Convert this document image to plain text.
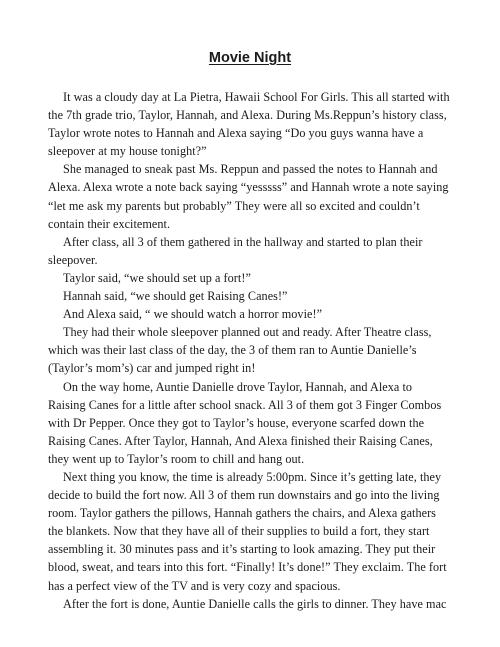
Movie Night

It was a cloudy day at La Pietra, Hawaii School For Girls. This all started with the 7th grade trio, Taylor, Hannah, and Alexa. During Ms.Reppun’s history class, Taylor wrote notes to Hannah and Alexa saying “Do you guys wanna have a sleepover at my house tonight?”

She managed to sneak past Ms. Reppun and passed the notes to Hannah and Alexa. Alexa wrote a note back saying “yesssss” and Hannah wrote a note saying “let me ask my parents but probably” They were all so excited and couldn’t contain their excitement.

After class, all 3 of them gathered in the hallway and started to plan their sleepover.

Taylor said, “we should set up a fort!”

Hannah said, “we should get Raising Canes!”

And Alexa said, “ we should watch a horror movie!”

They had their whole sleepover planned out and ready. After Theatre class, which was their last class of the day, the 3 of them ran to Auntie Danielle’s (Taylor’s mom’s) car and jumped right in!

On the way home, Auntie Danielle drove Taylor, Hannah, and Alexa to Raising Canes for a little after school snack. All 3 of them got 3 Finger Combos with Dr Pepper. Once they got to Taylor’s house, everyone scarfed down the Raising Canes. After Taylor, Hannah, And Alexa finished their Raising Canes, they went up to Taylor’s room to chill and hang out.

Next thing you know, the time is already 5:00pm. Since it’s getting late, they decide to build the fort now. All 3 of them run downstairs and go into the living room. Taylor gathers the pillows, Hannah gathers the chairs, and Alexa gathers the blankets. Now that they have all of their supplies to build a fort, they start assembling it. 30 minutes pass and it’s starting to look amazing. They put their blood, sweat, and tears into this fort. “Finally! It’s done!” They exclaim. The fort has a perfect view of the TV and is very cozy and spacious.

After the fort is done, Auntie Danielle calls the girls to dinner. They have mac
